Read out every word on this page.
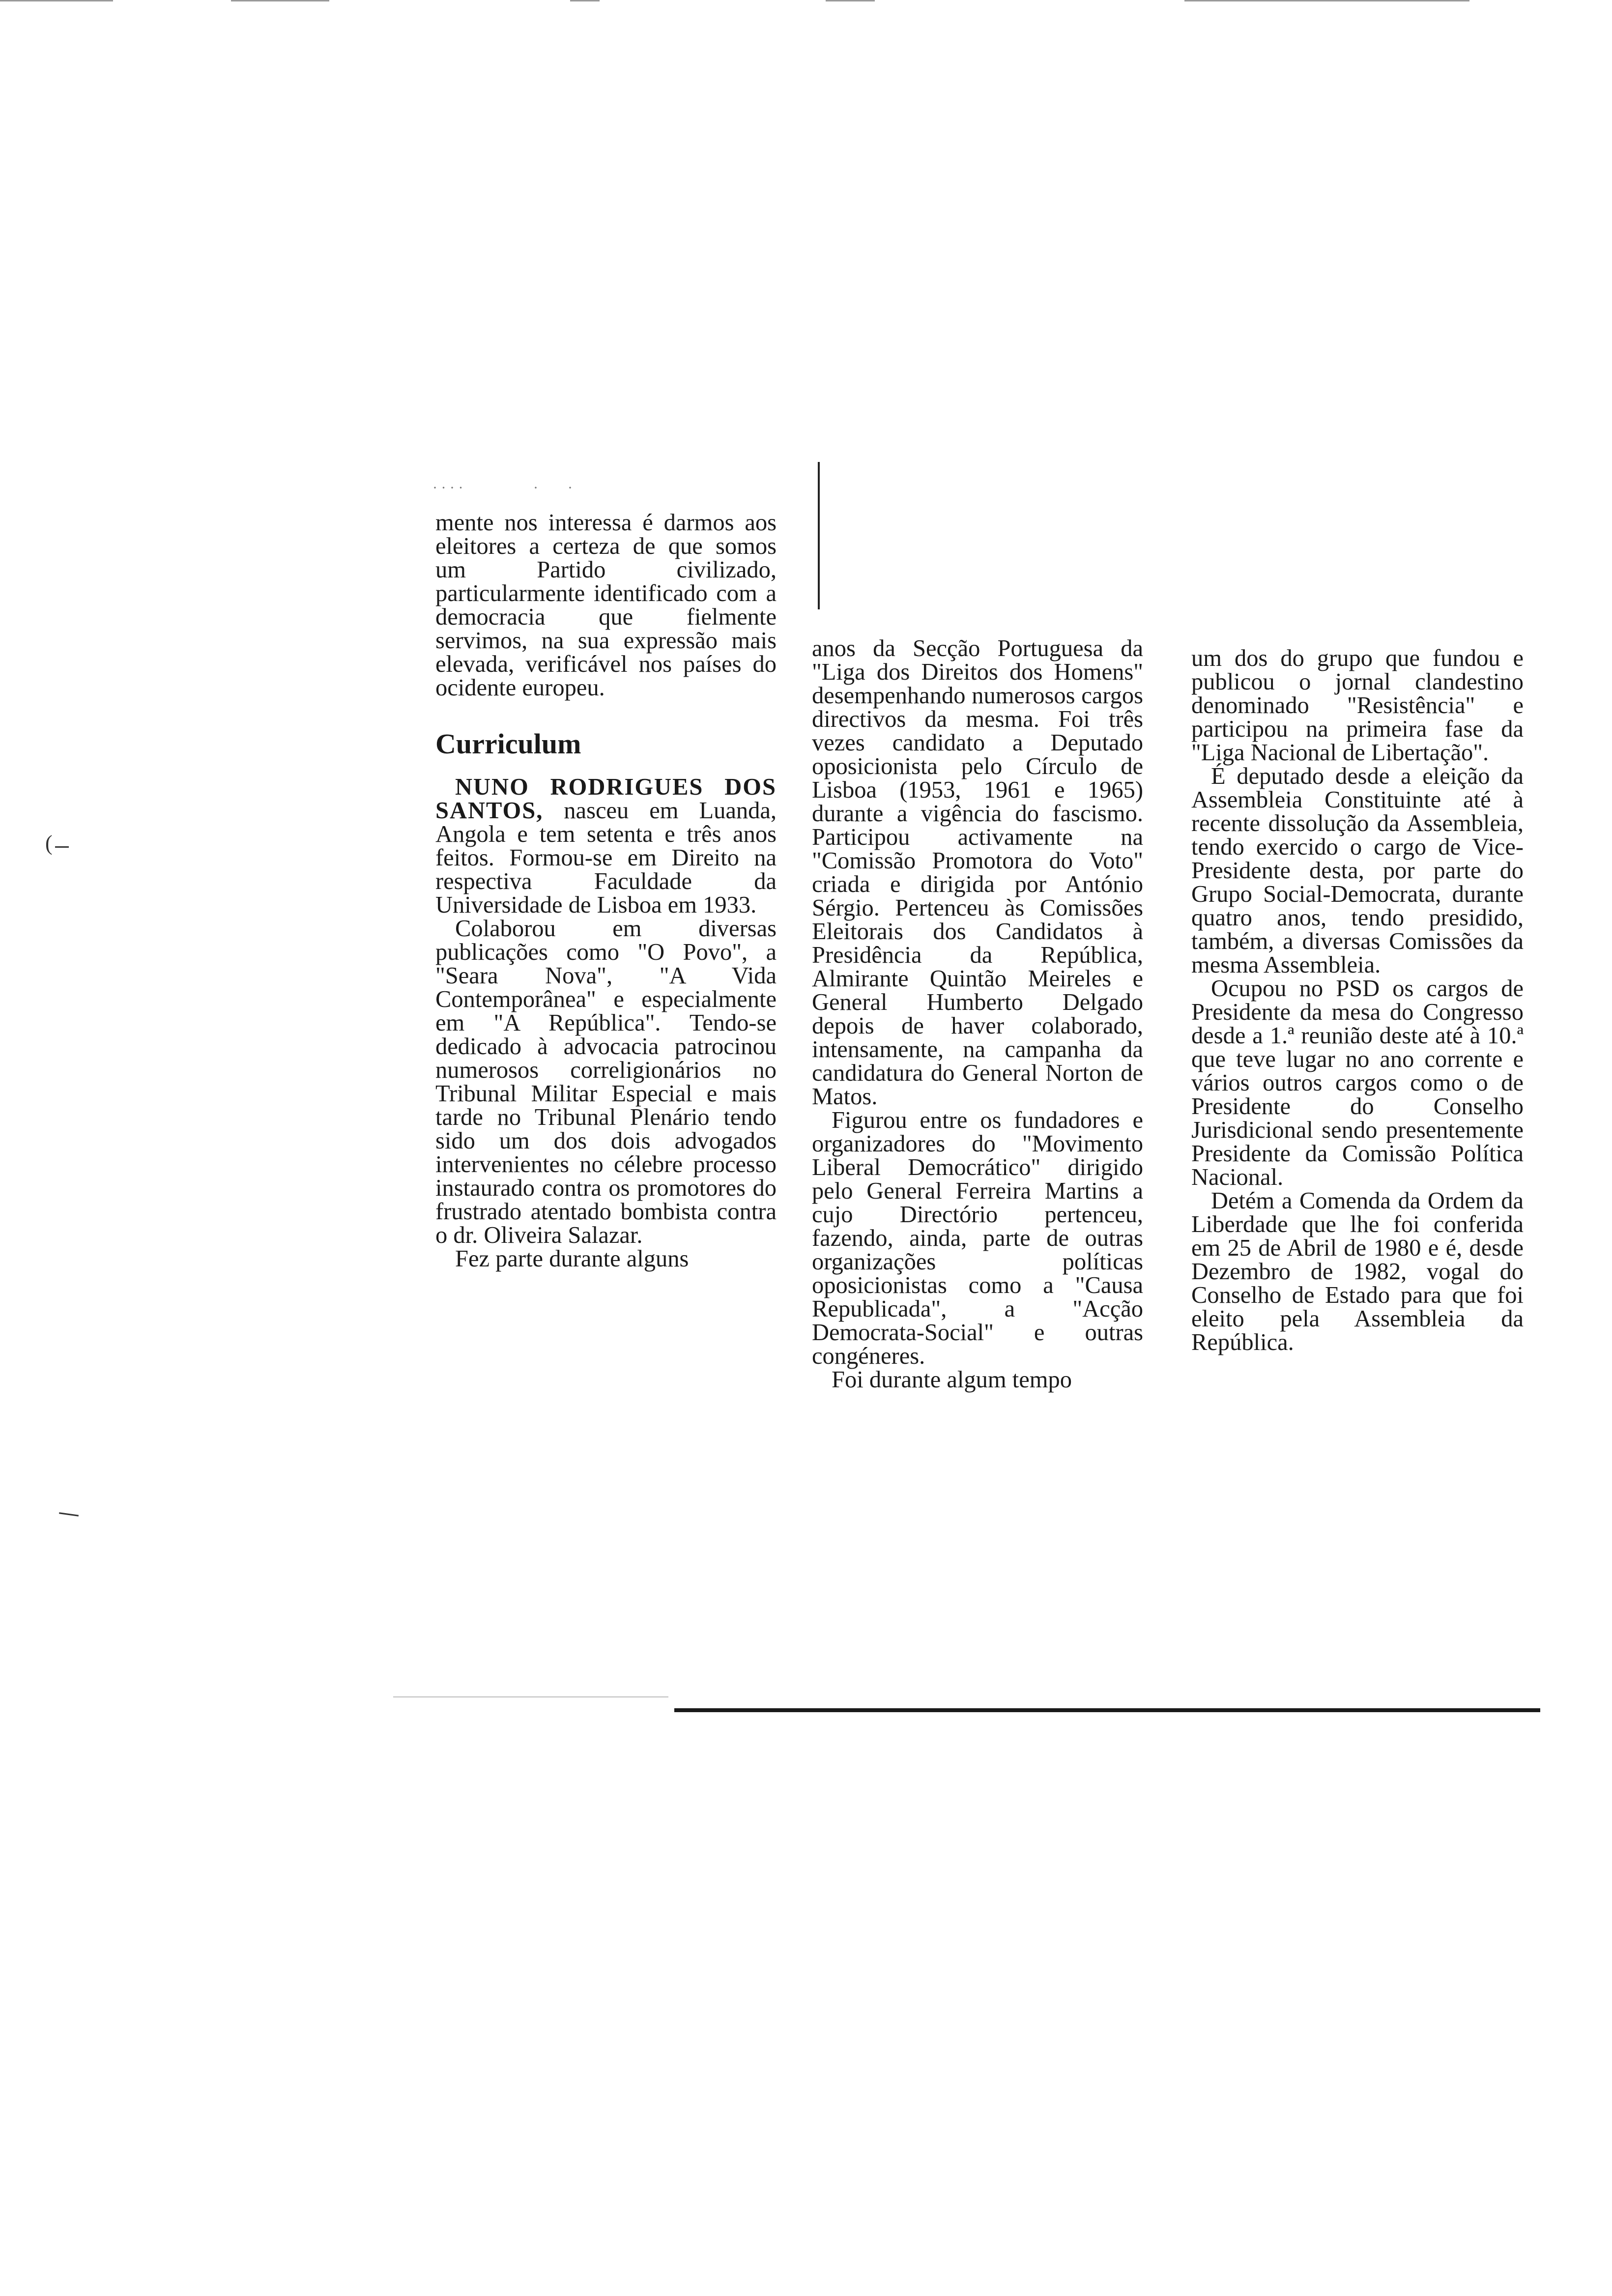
(
· · · ·                   ·        ·

mente nos interessa é darmos aos eleitores a certeza de que somos um Partido civilizado, particularmente identificado com a democracia que fielmente servimos, na sua expressão mais elevada, verificável nos países do ocidente europeu.

Curriculum

NUNO RODRIGUES DOS SANTOS, nasceu em Luanda, Angola e tem setenta e três anos feitos. Formou-se em Direito na respectiva Faculdade da Universidade de Lisboa em 1933.

Colaborou em diversas publicações como "O Povo", a "Seara Nova", "A Vida Contemporânea" e especialmente em "A República". Tendo-se dedicado à advocacia patrocinou numerosos correligionários no Tribunal Militar Especial e mais tarde no Tribunal Plenário tendo sido um dos dois advogados intervenientes no célebre processo instaurado contra os promotores do frustrado atentado bombista contra o dr. Oliveira Salazar.

Fez parte durante alguns

anos da Secção Portuguesa da "Liga dos Direitos dos Homens" desempenhando numerosos cargos directivos da mesma. Foi três vezes candidato a Deputado oposicionista pelo Círculo de Lisboa (1953, 1961 e 1965) durante a vigência do fascismo. Participou activamente na "Comissão Promotora do Voto" criada e dirigida por António Sérgio. Pertenceu às Comissões Eleitorais dos Candidatos à Presidência da República, Almirante Quintão Meireles e General Humberto Delgado depois de haver colaborado, intensamente, na campanha da candidatura do General Norton de Matos.

Figurou entre os fundadores e organizadores do "Movimento Liberal Democrático" dirigido pelo General Ferreira Martins a cujo Directório pertenceu, fazendo, ainda, parte de outras organizações políticas oposicionistas como a "Causa Republicada", a "Acção Democrata-Social" e outras congéneres.

Foi durante algum tempo

um dos do grupo que fundou e publicou o jornal clandestino denominado "Resistência" e participou na primeira fase da "Liga Nacional de Libertação".

É deputado desde a eleição da Assembleia Constituinte até à recente dissolução da Assembleia, tendo exercido o cargo de Vice-Presidente desta, por parte do Grupo Social-Democrata, durante quatro anos, tendo presidido, também, a diversas Comissões da mesma Assembleia.

Ocupou no PSD os cargos de Presidente da mesa do Congresso desde a 1.ª reunião deste até à 10.ª que teve lugar no ano corrente e vários outros cargos como o de Presidente do Conselho Jurisdicional sendo presentemente Presidente da Comissão Política Nacional.

Detém a Comenda da Ordem da Liberdade que lhe foi conferida em 25 de Abril de 1980 e é, desde Dezembro de 1982, vogal do Conselho de Estado para que foi eleito pela Assembleia da República.
